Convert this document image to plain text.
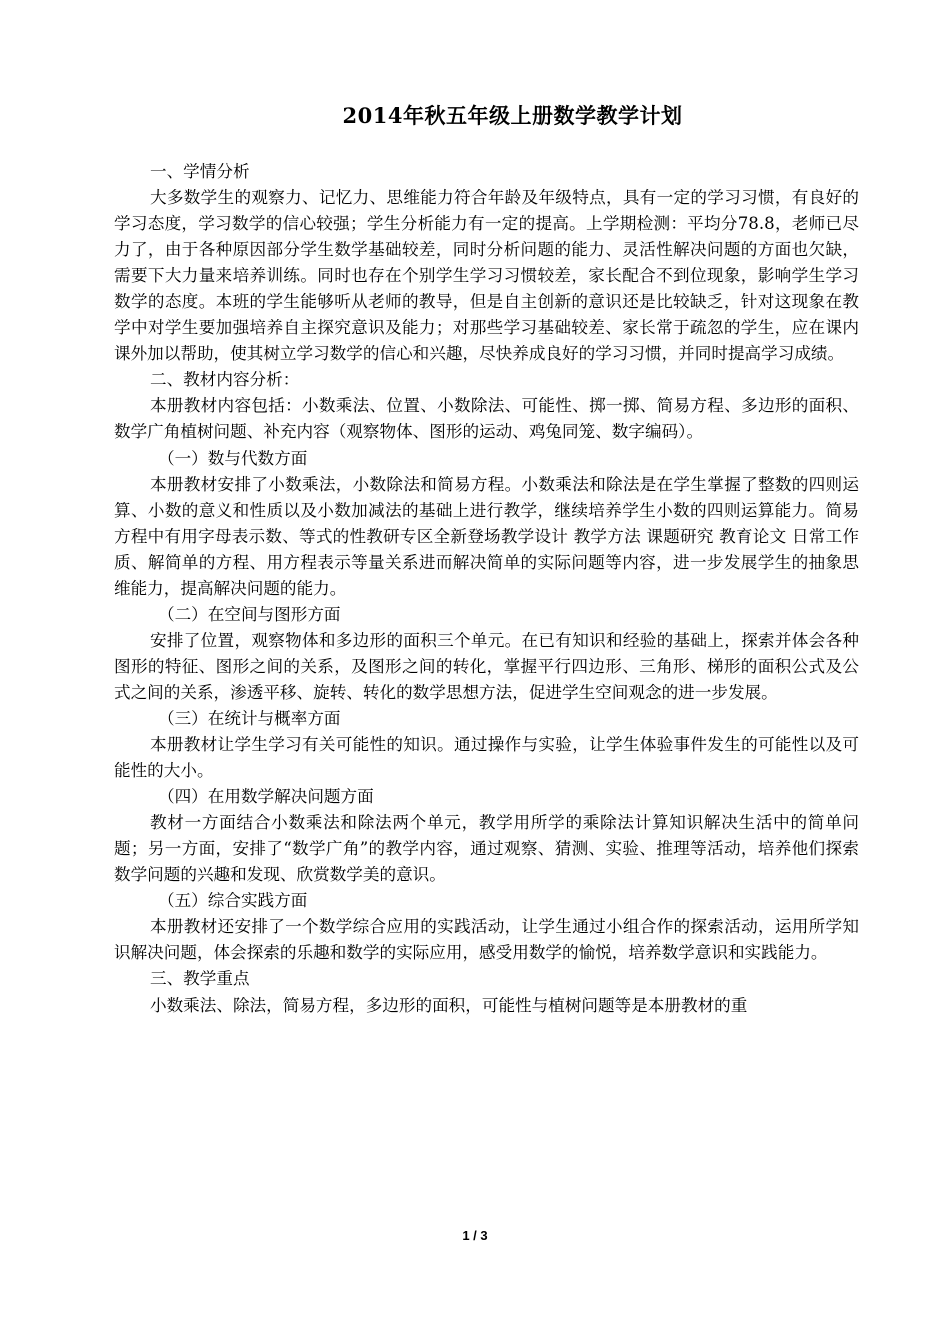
2014年秋五年级上册数学教学计划

一、学情分析

大多数学生的观察力、记忆力、思维能力符合年龄及年级特点，具有一定的学习习惯，有良好的学习态度，学习数学的信心较强；学生分析能力有一定的提高。上学期检测：平均分78.8，老师已尽力了，由于各种原因部分学生数学基础较差，同时分析问题的能力、灵活性解决问题的方面也欠缺，需要下大力量来培养训练。同时也存在个别学生学习习惯较差，家长配合不到位现象，影响学生学习数学的态度。本班的学生能够听从老师的教导，但是自主创新的意识还是比较缺乏，针对这现象在教学中对学生要加强培养自主探究意识及能力；对那些学习基础较差、家长常于疏忽的学生，应在课内课外加以帮助，使其树立学习数学的信心和兴趣，尽快养成良好的学习习惯，并同时提高学习成绩。

二、教材内容分析：

本册教材内容包括：小数乘法、位置、小数除法、可能性、掷一掷、简易方程、多边形的面积、数学广角植树问题、补充内容（观察物体、图形的运动、鸡兔同笼、数字编码）。

（一）数与代数方面

本册教材安排了小数乘法，小数除法和简易方程。小数乘法和除法是在学生掌握了整数的四则运算、小数的意义和性质以及小数加减法的基础上进行教学，继续培养学生小数的四则运算能力。简易方程中有用字母表示数、等式的性教研专区全新登场教学设计 教学方法 课题研究 教育论文 日常工作 质、解简单的方程、用方程表示等量关系进而解决简单的实际问题等内容，进一步发展学生的抽象思维能力，提高解决问题的能力。

（二）在空间与图形方面

安排了位置，观察物体和多边形的面积三个单元。在已有知识和经验的基础上，探索并体会各种图形的特征、图形之间的关系，及图形之间的转化，掌握平行四边形、三角形、梯形的面积公式及公式之间的关系，渗透平移、旋转、转化的数学思想方法，促进学生空间观念的进一步发展。

（三）在统计与概率方面

本册教材让学生学习有关可能性的知识。通过操作与实验，让学生体验事件发生的可能性以及可能性的大小。

（四）在用数学解决问题方面

教材一方面结合小数乘法和除法两个单元，教学用所学的乘除法计算知识解决生活中的简单问题；另一方面，安排了“数学广角”的教学内容，通过观察、猜测、实验、推理等活动，培养他们探索数学问题的兴趣和发现、欣赏数学美的意识。

（五）综合实践方面

本册教材还安排了一个数学综合应用的实践活动，让学生通过小组合作的探索活动，运用所学知识解决问题，体会探索的乐趣和数学的实际应用，感受用数学的愉悦，培养数学意识和实践能力。

三、教学重点

小数乘法、除法，简易方程，多边形的面积，可能性与植树问题等是本册教材的重

1 / 3
